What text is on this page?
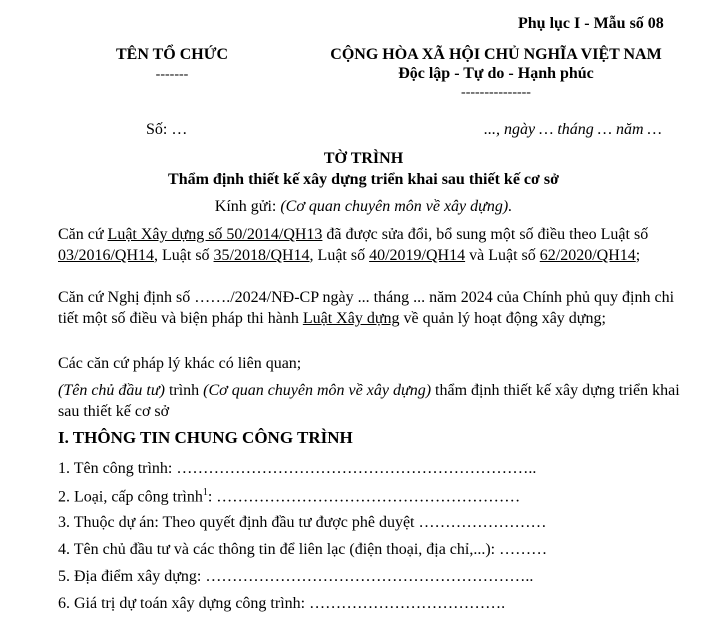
Phụ lục I - Mẫu số 08
TÊN TỔ CHỨC
-------
CỘNG HÒA XÃ HỘI CHỦ NGHĨA VIỆT NAM
Độc lập - Tự do - Hạnh phúc
---------------
Số: …	..., ngày … tháng … năm …
TỜ TRÌNH
Thẩm định thiết kế xây dựng triển khai sau thiết kế cơ sở
Kính gửi: (Cơ quan chuyên môn về xây dựng).
Căn cứ Luật Xây dựng số 50/2014/QH13 đã được sửa đổi, bổ sung một số điều theo Luật số 03/2016/QH14, Luật số 35/2018/QH14, Luật số 40/2019/QH14 và Luật số 62/2020/QH14;
Căn cứ Nghị định số ……./2024/NĐ-CP ngày ... tháng ... năm 2024 của Chính phủ quy định chi tiết một số điều và biện pháp thi hành Luật Xây dựng về quản lý hoạt động xây dựng;
Các căn cứ pháp lý khác có liên quan;
(Tên chủ đầu tư) trình (Cơ quan chuyên môn về xây dựng) thẩm định thiết kế xây dựng triển khai sau thiết kế cơ sở
I. THÔNG TIN CHUNG CÔNG TRÌNH
1. Tên công trình: …………………………………………………………..
2. Loại, cấp công trình$^1$: …………………………………………………
3. Thuộc dự án: Theo quyết định đầu tư được phê duyệt ……………………
4. Tên chủ đầu tư và các thông tin để liên lạc (điện thoại, địa chỉ,...): ………
5. Địa điểm xây dựng: ……………………………………………………..
6. Giá trị dự toán xây dựng công trình: ……………………………….
